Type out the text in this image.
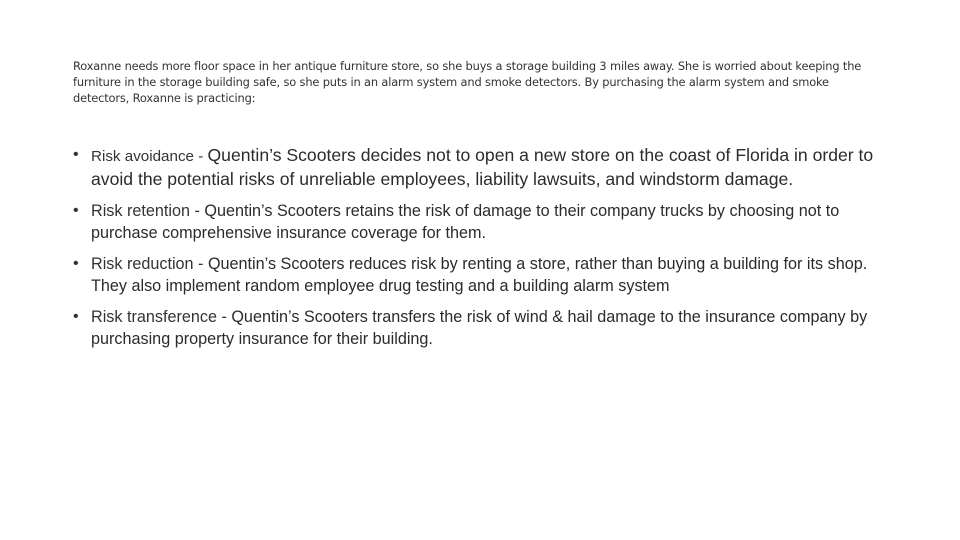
Roxanne needs more floor space in her antique furniture store, so she buys a storage building 3 miles away. She is worried about keeping the furniture in the storage building safe, so she puts in an alarm system and smoke detectors. By purchasing the alarm system and smoke detectors, Roxanne is practicing:

• Risk avoidance - Quentin’s Scooters decides not to open a new store on the coast of Florida in order to avoid the potential risks of unreliable employees, liability lawsuits, and windstorm damage.
• Risk retention - Quentin’s Scooters retains the risk of damage to their company trucks by choosing not to purchase comprehensive insurance coverage for them.
• Risk reduction - Quentin’s Scooters reduces risk by renting a store, rather than buying a building for its shop. They also implement random employee drug testing and a building alarm system
• Risk transference - Quentin’s Scooters transfers the risk of wind & hail damage to the insurance company by purchasing property insurance for their building.
